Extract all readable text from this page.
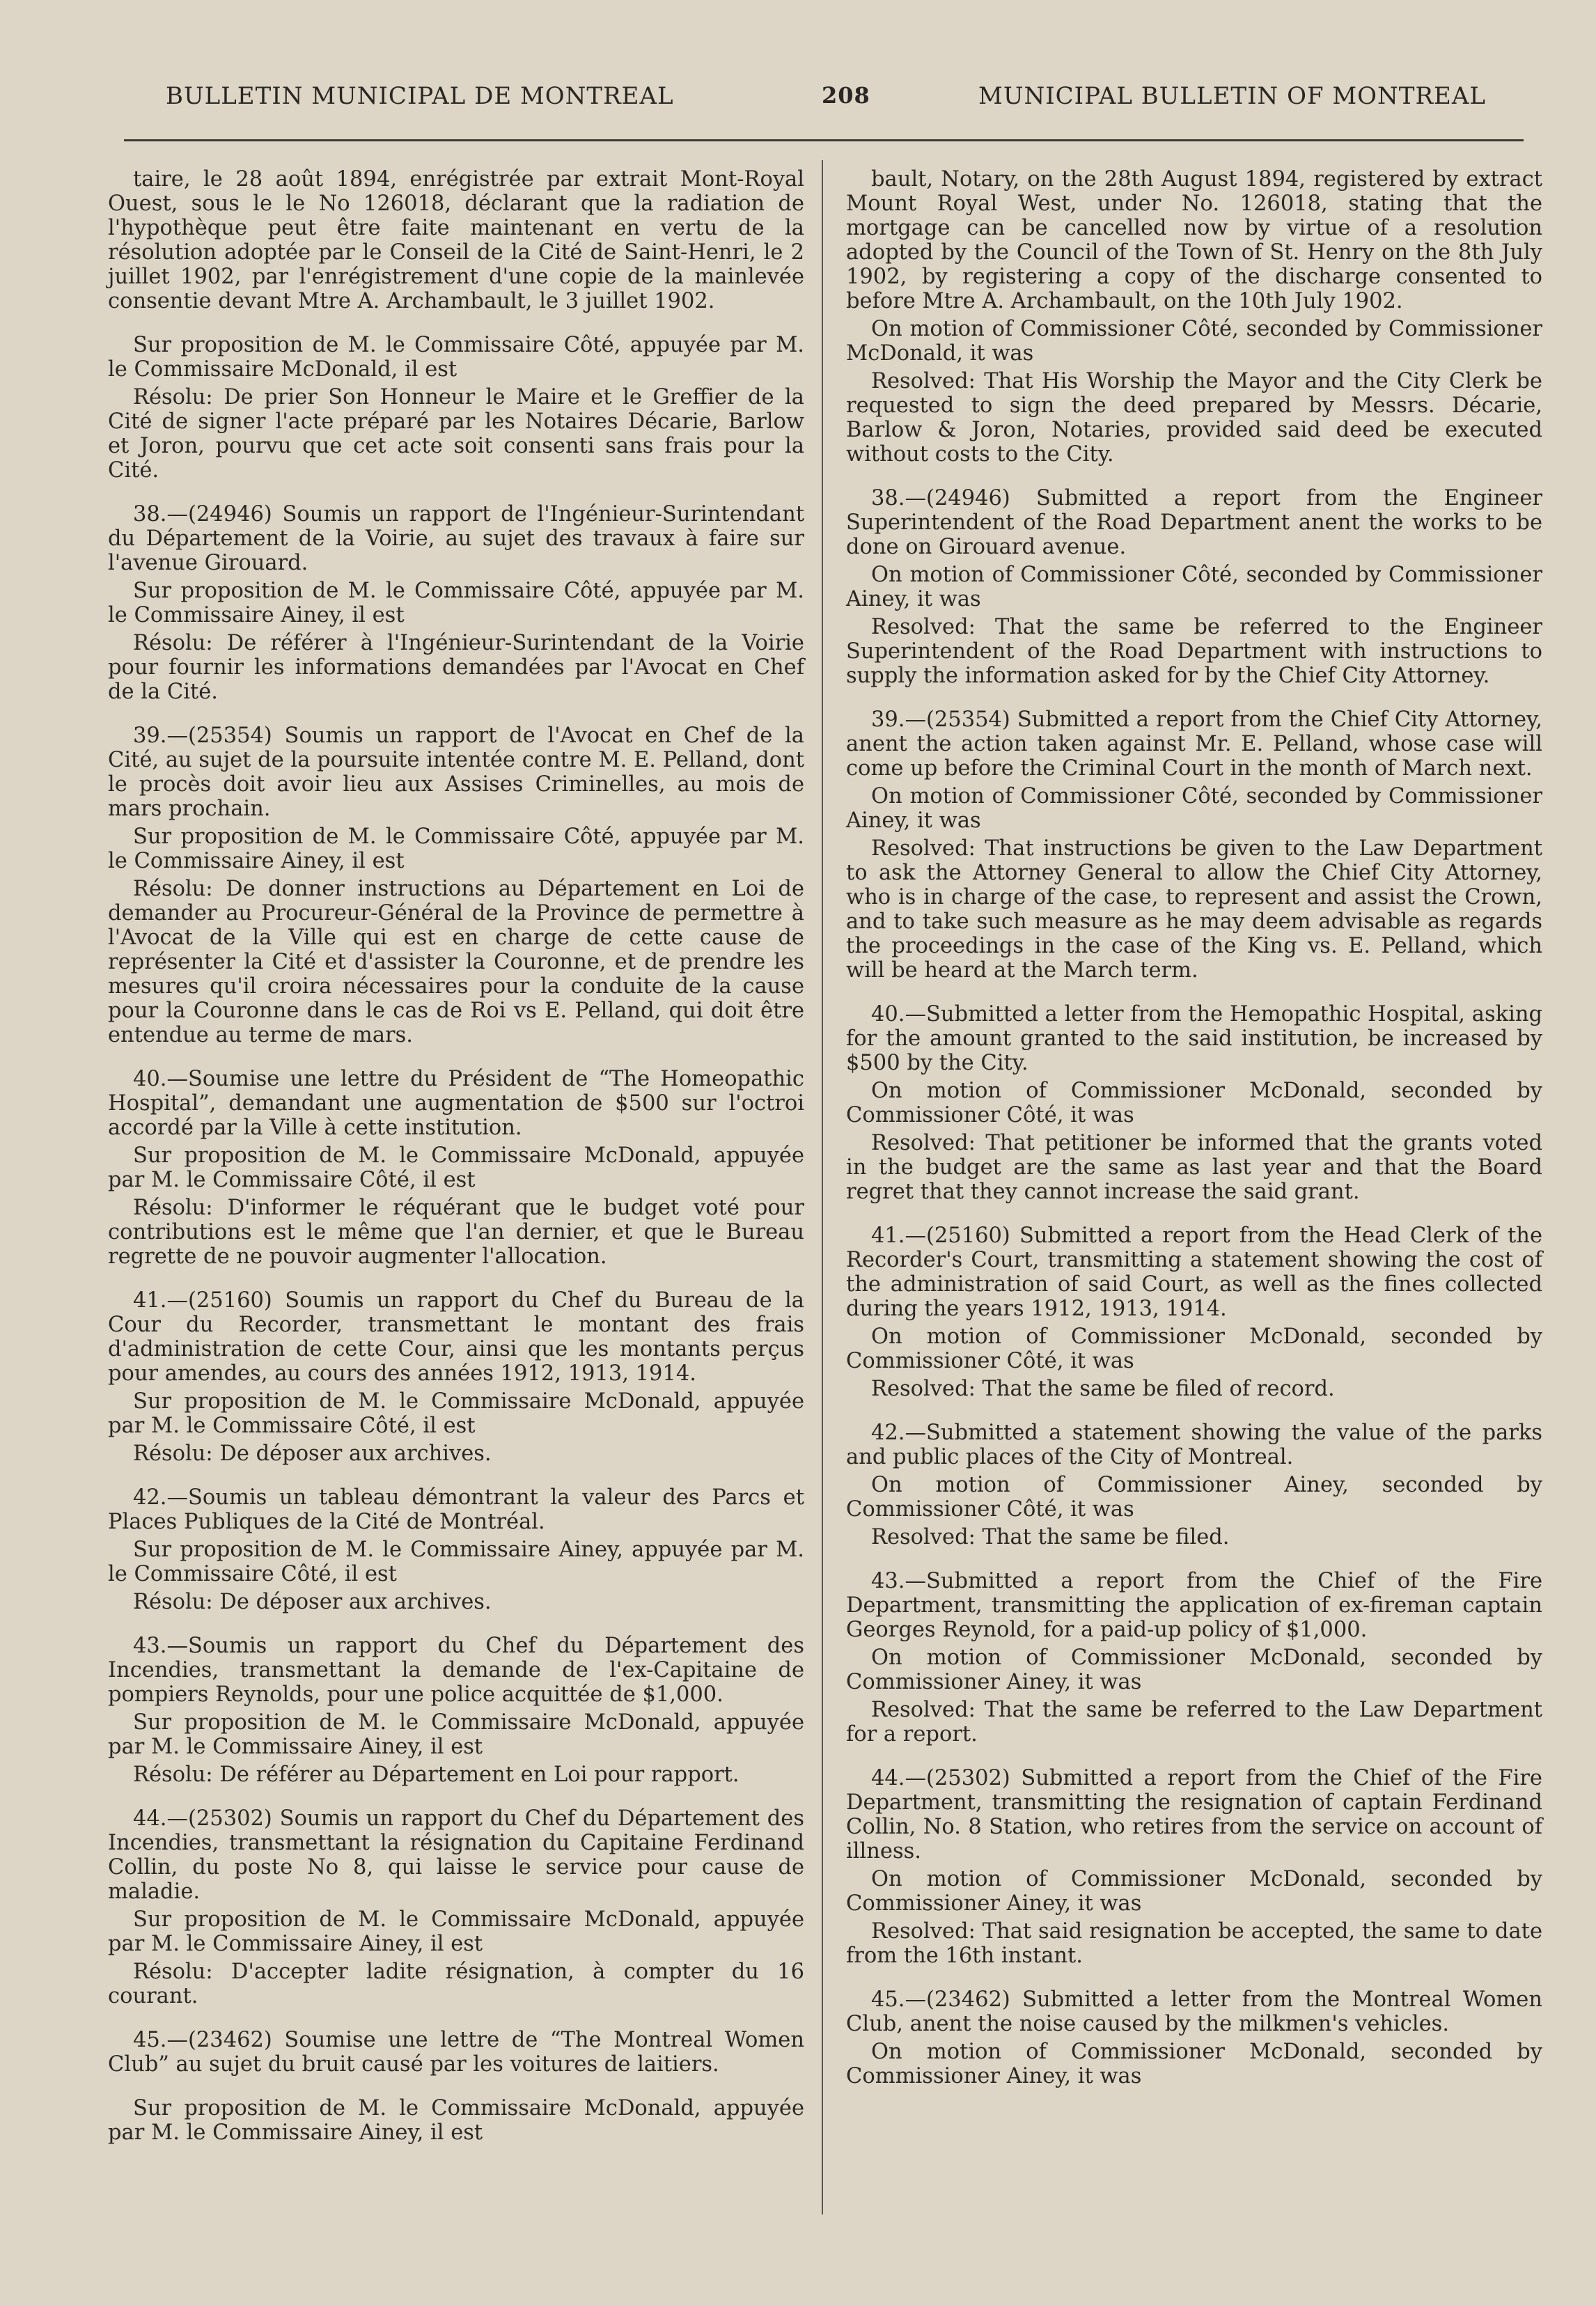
BULLETIN MUNICIPAL DE MONTREAL	208	MUNICIPAL BULLETIN OF MONTREAL

taire, le 28 août 1894, enrégistrée par extrait Mont-Royal Ouest, sous le le No 126018, déclarant que la radiation de l'hypothèque peut être faite maintenant en vertu de la résolution adoptée par le Conseil de la Cité de Saint-Henri, le 2 juillet 1902, par l'enrégistrement d'une copie de la mainlevée consentie devant Mtre A. Archambault, le 3 juillet 1902.

Sur proposition de M. le Commissaire Côté, appuyée par M. le Commissaire McDonald, il est

Résolu: De prier Son Honneur le Maire et le Greffier de la Cité de signer l'acte préparé par les Notaires Décarie, Barlow et Joron, pourvu que cet acte soit consenti sans frais pour la Cité.

38.—(24946) Soumis un rapport de l'Ingénieur-Surintendant du Département de la Voirie, au sujet des travaux à faire sur l'avenue Girouard.

Sur proposition de M. le Commissaire Côté, appuyée par M. le Commissaire Ainey, il est

Résolu: De référer à l'Ingénieur-Surintendant de la Voirie pour fournir les informations demandées par l'Avocat en Chef de la Cité.

39.—(25354) Soumis un rapport de l'Avocat en Chef de la Cité, au sujet de la poursuite intentée contre M. E. Pelland, dont le procès doit avoir lieu aux Assises Criminelles, au mois de mars prochain.

Sur proposition de M. le Commissaire Côté, appuyée par M. le Commissaire Ainey, il est

Résolu: De donner instructions au Département en Loi de demander au Procureur-Général de la Province de permettre à l'Avocat de la Ville qui est en charge de cette cause de représenter la Cité et d'assister la Couronne, et de prendre les mesures qu'il croira nécessaires pour la conduite de la cause pour la Couronne dans le cas de Roi vs E. Pelland, qui doit être entendue au terme de mars.

40.—Soumise une lettre du Président de “The Homeopathic Hospital”, demandant une augmentation de $500 sur l'octroi accordé par la Ville à cette institution.

Sur proposition de M. le Commissaire McDonald, appuyée par M. le Commissaire Côté, il est

Résolu: D'informer le réquérant que le budget voté pour contributions est le même que l'an dernier, et que le Bureau regrette de ne pouvoir augmenter l'allocation.

41.—(25160) Soumis un rapport du Chef du Bureau de la Cour du Recorder, transmettant le montant des frais d'administration de cette Cour, ainsi que les montants perçus pour amendes, au cours des années 1912, 1913, 1914.

Sur proposition de M. le Commissaire McDonald, appuyée par M. le Commissaire Côté, il est

Résolu: De déposer aux archives.

42.—Soumis un tableau démontrant la valeur des Parcs et Places Publiques de la Cité de Montréal.

Sur proposition de M. le Commissaire Ainey, appuyée par M. le Commissaire Côté, il est

Résolu: De déposer aux archives.

43.—Soumis un rapport du Chef du Département des Incendies, transmettant la demande de l'ex-Capitaine de pompiers Reynolds, pour une police acquittée de $1,000.

Sur proposition de M. le Commissaire McDonald, appuyée par M. le Commissaire Ainey, il est

Résolu: De référer au Département en Loi pour rapport.

44.—(25302) Soumis un rapport du Chef du Département des Incendies, transmettant la résignation du Capitaine Ferdinand Collin, du poste No 8, qui laisse le service pour cause de maladie.

Sur proposition de M. le Commissaire McDonald, appuyée par M. le Commissaire Ainey, il est

Résolu: D'accepter ladite résignation, à compter du 16 courant.

45.—(23462) Soumise une lettre de “The Montreal Women Club” au sujet du bruit causé par les voitures de laitiers.

Sur proposition de M. le Commissaire McDonald, appuyée par M. le Commissaire Ainey, il est

bault, Notary, on the 28th August 1894, registered by extract Mount Royal West, under No. 126018, stating that the mortgage can be cancelled now by virtue of a resolution adopted by the Council of the Town of St. Henry on the 8th July 1902, by registering a copy of the discharge consented to before Mtre A. Archambault, on the 10th July 1902.

On motion of Commissioner Côté, seconded by Commissioner McDonald, it was

Resolved: That His Worship the Mayor and the City Clerk be requested to sign the deed prepared by Messrs. Décarie, Barlow & Joron, Notaries, provided said deed be executed without costs to the City.

38.—(24946) Submitted a report from the Engineer Superintendent of the Road Department anent the works to be done on Girouard avenue.

On motion of Commissioner Côté, seconded by Commissioner Ainey, it was

Resolved: That the same be referred to the Engineer Superintendent of the Road Department with instructions to supply the information asked for by the Chief City Attorney.

39.—(25354) Submitted a report from the Chief City Attorney, anent the action taken against Mr. E. Pelland, whose case will come up before the Criminal Court in the month of March next.

On motion of Commissioner Côté, seconded by Commissioner Ainey, it was

Resolved: That instructions be given to the Law Department to ask the Attorney General to allow the Chief City Attorney, who is in charge of the case, to represent and assist the Crown, and to take such measure as he may deem advisable as regards the proceedings in the case of the King vs. E. Pelland, which will be heard at the March term.

40.—Submitted a letter from the Hemopathic Hospital, asking for the amount granted to the said institution, be increased by $500 by the City.

On motion of Commissioner McDonald, seconded by Commissioner Côté, it was

Resolved: That petitioner be informed that the grants voted in the budget are the same as last year and that the Board regret that they cannot increase the said grant.

41.—(25160) Submitted a report from the Head Clerk of the Recorder's Court, transmitting a statement showing the cost of the administration of said Court, as well as the fines collected during the years 1912, 1913, 1914.

On motion of Commissioner McDonald, seconded by Commissioner Côté, it was

Resolved: That the same be filed of record.

42.—Submitted a statement showing the value of the parks and public places of the City of Montreal.

On motion of Commissioner Ainey, seconded by Commissioner Côté, it was

Resolved: That the same be filed.

43.—Submitted a report from the Chief of the Fire Department, transmitting the application of ex-fireman captain Georges Reynold, for a paid-up policy of $1,000.

On motion of Commissioner McDonald, seconded by Commissioner Ainey, it was

Resolved: That the same be referred to the Law Department for a report.

44.—(25302) Submitted a report from the Chief of the Fire Department, transmitting the resignation of captain Ferdinand Collin, No. 8 Station, who retires from the service on account of illness.

On motion of Commissioner McDonald, seconded by Commissioner Ainey, it was

Resolved: That said resignation be accepted, the same to date from the 16th instant.

45.—(23462) Submitted a letter from the Montreal Women Club, anent the noise caused by the milkmen's vehicles.

On motion of Commissioner McDonald, seconded by Commissioner Ainey, it was
